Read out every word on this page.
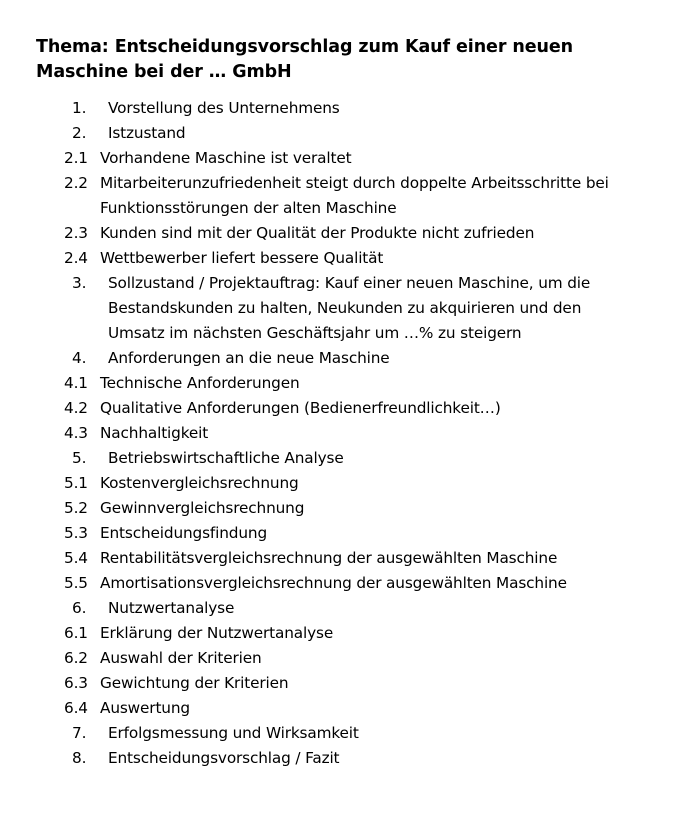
Thema: Entscheidungsvorschlag zum Kauf einer neuen
Maschine bei der … GmbH
1. Vorstellung des Unternehmens
2. Istzustand
2.1 Vorhandene Maschine ist veraltet
2.2 Mitarbeiterunzufriedenheit steigt durch doppelte Arbeitsschritte bei
Funktionsstörungen der alten Maschine
2.3 Kunden sind mit der Qualität der Produkte nicht zufrieden
2.4 Wettbewerber liefert bessere Qualität
3. Sollzustand / Projektauftrag: Kauf einer neuen Maschine, um die
Bestandskunden zu halten, Neukunden zu akquirieren und den
Umsatz im nächsten Geschäftsjahr um …% zu steigern
4. Anforderungen an die neue Maschine
4.1 Technische Anforderungen
4.2 Qualitative Anforderungen (Bedienerfreundlichkeit…)
4.3 Nachhaltigkeit
5. Betriebswirtschaftliche Analyse
5.1 Kostenvergleichsrechnung
5.2 Gewinnvergleichsrechnung
5.3 Entscheidungsfindung
5.4 Rentabilitätsvergleichsrechnung der ausgewählten Maschine
5.5 Amortisationsvergleichsrechnung der ausgewählten Maschine
6. Nutzwertanalyse
6.1 Erklärung der Nutzwertanalyse
6.2 Auswahl der Kriterien
6.3 Gewichtung der Kriterien
6.4 Auswertung
7. Erfolgsmessung und Wirksamkeit
8. Entscheidungsvorschlag / Fazit
